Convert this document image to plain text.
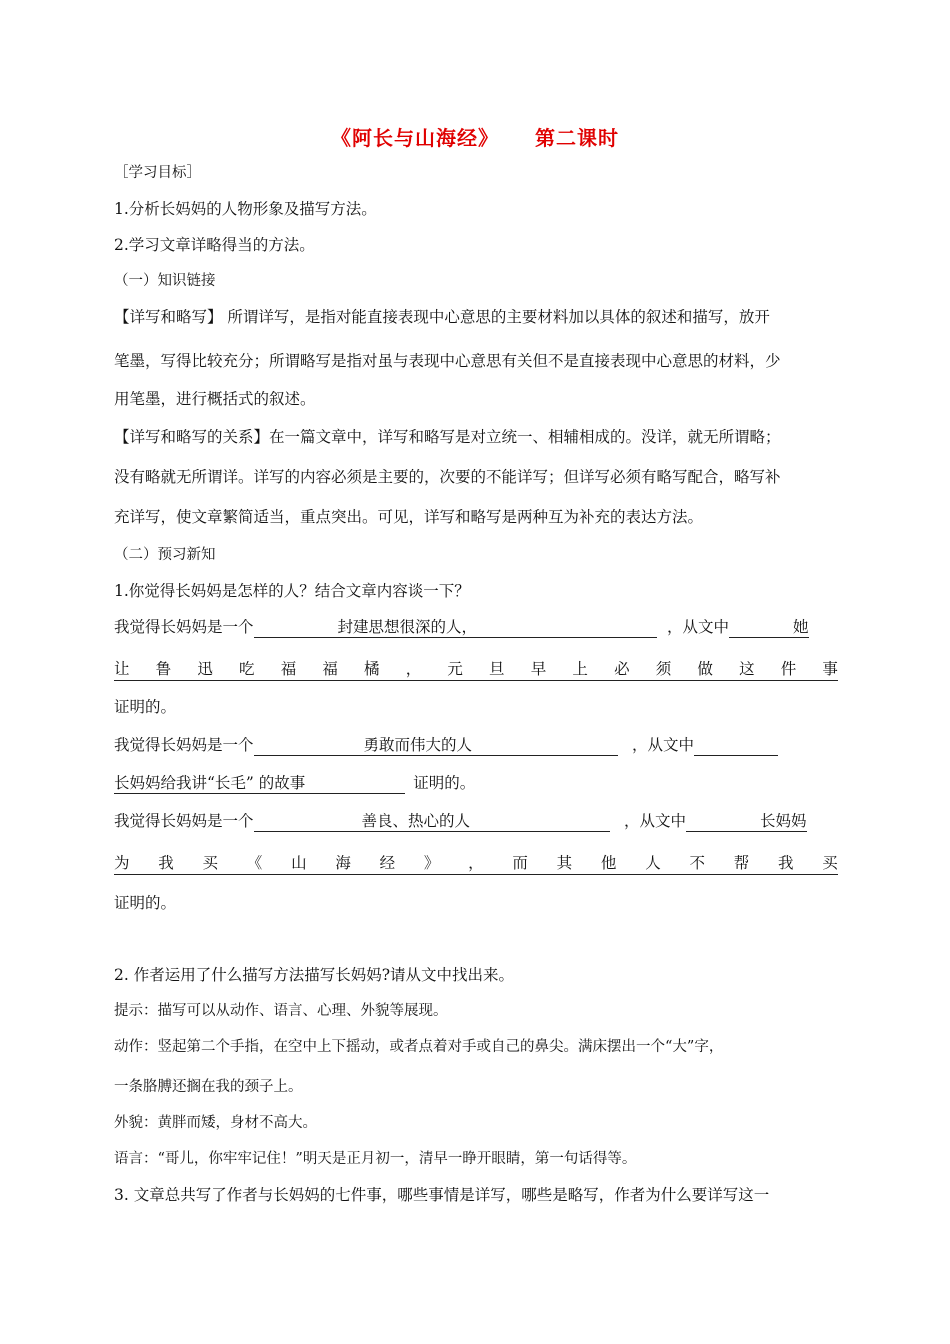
《阿长与山海经》 第二课时
［学习目标］
1.分析长妈妈的人物形象及描写方法。
2.学习文章详略得当的方法。
（一）知识链接
【详写和略写】 所谓详写，是指对能直接表现中心意思的主要材料加以具体的叙述和描写，放开
笔墨，写得比较充分；所谓略写是指对虽与表现中心意思有关但不是直接表现中心意思的材料，少
用笔墨，进行概括式的叙述。
【详写和略写的关系】在一篇文章中，详写和略写是对立统一、相辅相成的。没详，就无所谓略；
没有略就无所谓详。详写的内容必须是主要的，次要的不能详写；但详写必须有略写配合，略写补
充详写，使文章繁简适当，重点突出。可见，详写和略写是两种互为补充的表达方法。
（二）预习新知
1.你觉得长妈妈是怎样的人？结合文章内容谈一下？
我觉得长妈妈是一个	封建思想很深的人，	，从文中	她
让 鲁 迅 吃 福 福 橘 ， 元 旦 早 上 必 须 做 这 件 事
证明的。
我觉得长妈妈是一个	勇敢而伟大的人	，从文中
长妈妈给我讲“长毛” 的故事	证明的。
我觉得长妈妈是一个	善良、热心的人	，从文中	长妈妈
为 我 买 《 山 海 经 》 ， 而 其 他 人 不 帮 我 买
证明的。
2. 作者运用了什么描写方法描写长妈妈?请从文中找出来。
提示：描写可以从动作、语言、心理、外貌等展现。
动作：竖起第二个手指，在空中上下摇动，或者点着对手或自己的鼻尖。满床摆出一个“大”字，
一条胳膊还搁在我的颈子上。
外貌：黄胖而矮，身材不高大。
语言：“哥儿，你牢牢记住！”明天是正月初一，清早一睁开眼睛，第一句话得等。
3. 文章总共写了作者与长妈妈的七件事，哪些事情是详写，哪些是略写，作者为什么要详写这一
